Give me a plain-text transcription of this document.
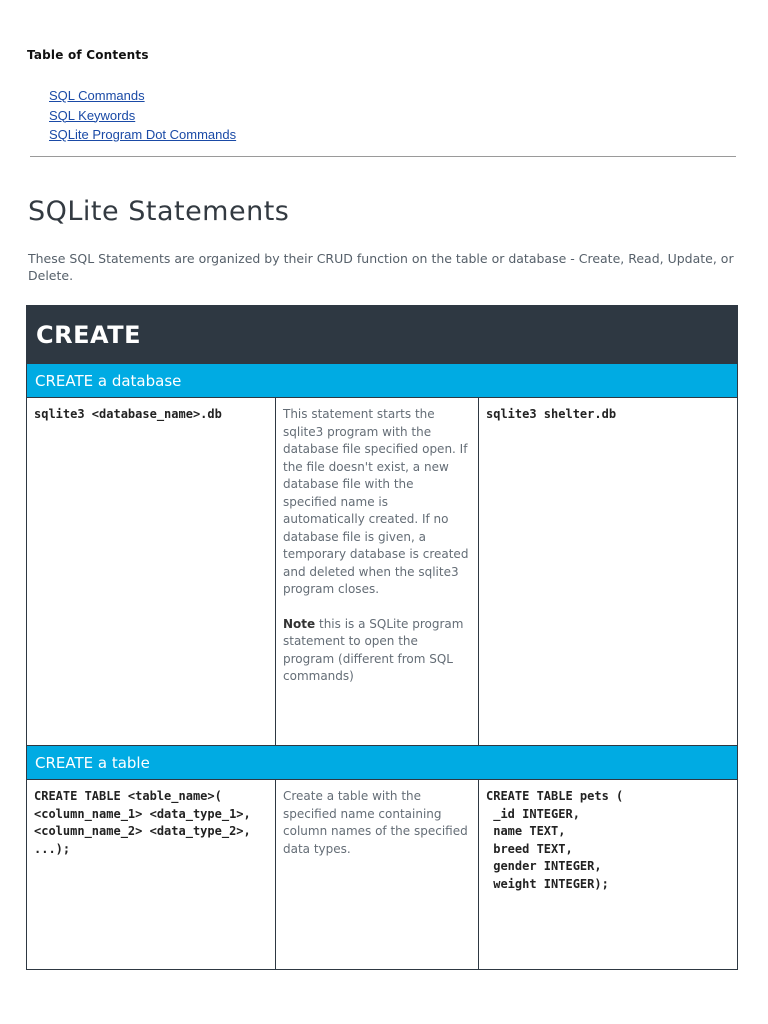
Table of Contents
SQL Commands
SQL Keywords
SQLite Program Dot Commands
SQLite Statements

These SQL Statements are organized by their CRUD function on the table or database - Create, Read, Update, or Delete.

CREATE
CREATE a database
sqlite3 <database_name>.db	This statement starts the sqlite3 program with the database file specified open. If the file doesn't exist, a new database file with the specified name is automatically created. If no database file is given, a temporary database is created and deleted when the sqlite3 program closes.

Note this is a SQLite program statement to open the program (different from SQL commands)

sqlite3 shelter.db
CREATE a table
CREATE TABLE <table_name>(
<column_name_1> <data_type_1>,
<column_name_2> <data_type_2>,
...);

Create a table with the specified name containing column names of the specified data types.

CREATE TABLE pets (
_id INTEGER,
name TEXT,
breed TEXT,
gender INTEGER,
weight INTEGER);
